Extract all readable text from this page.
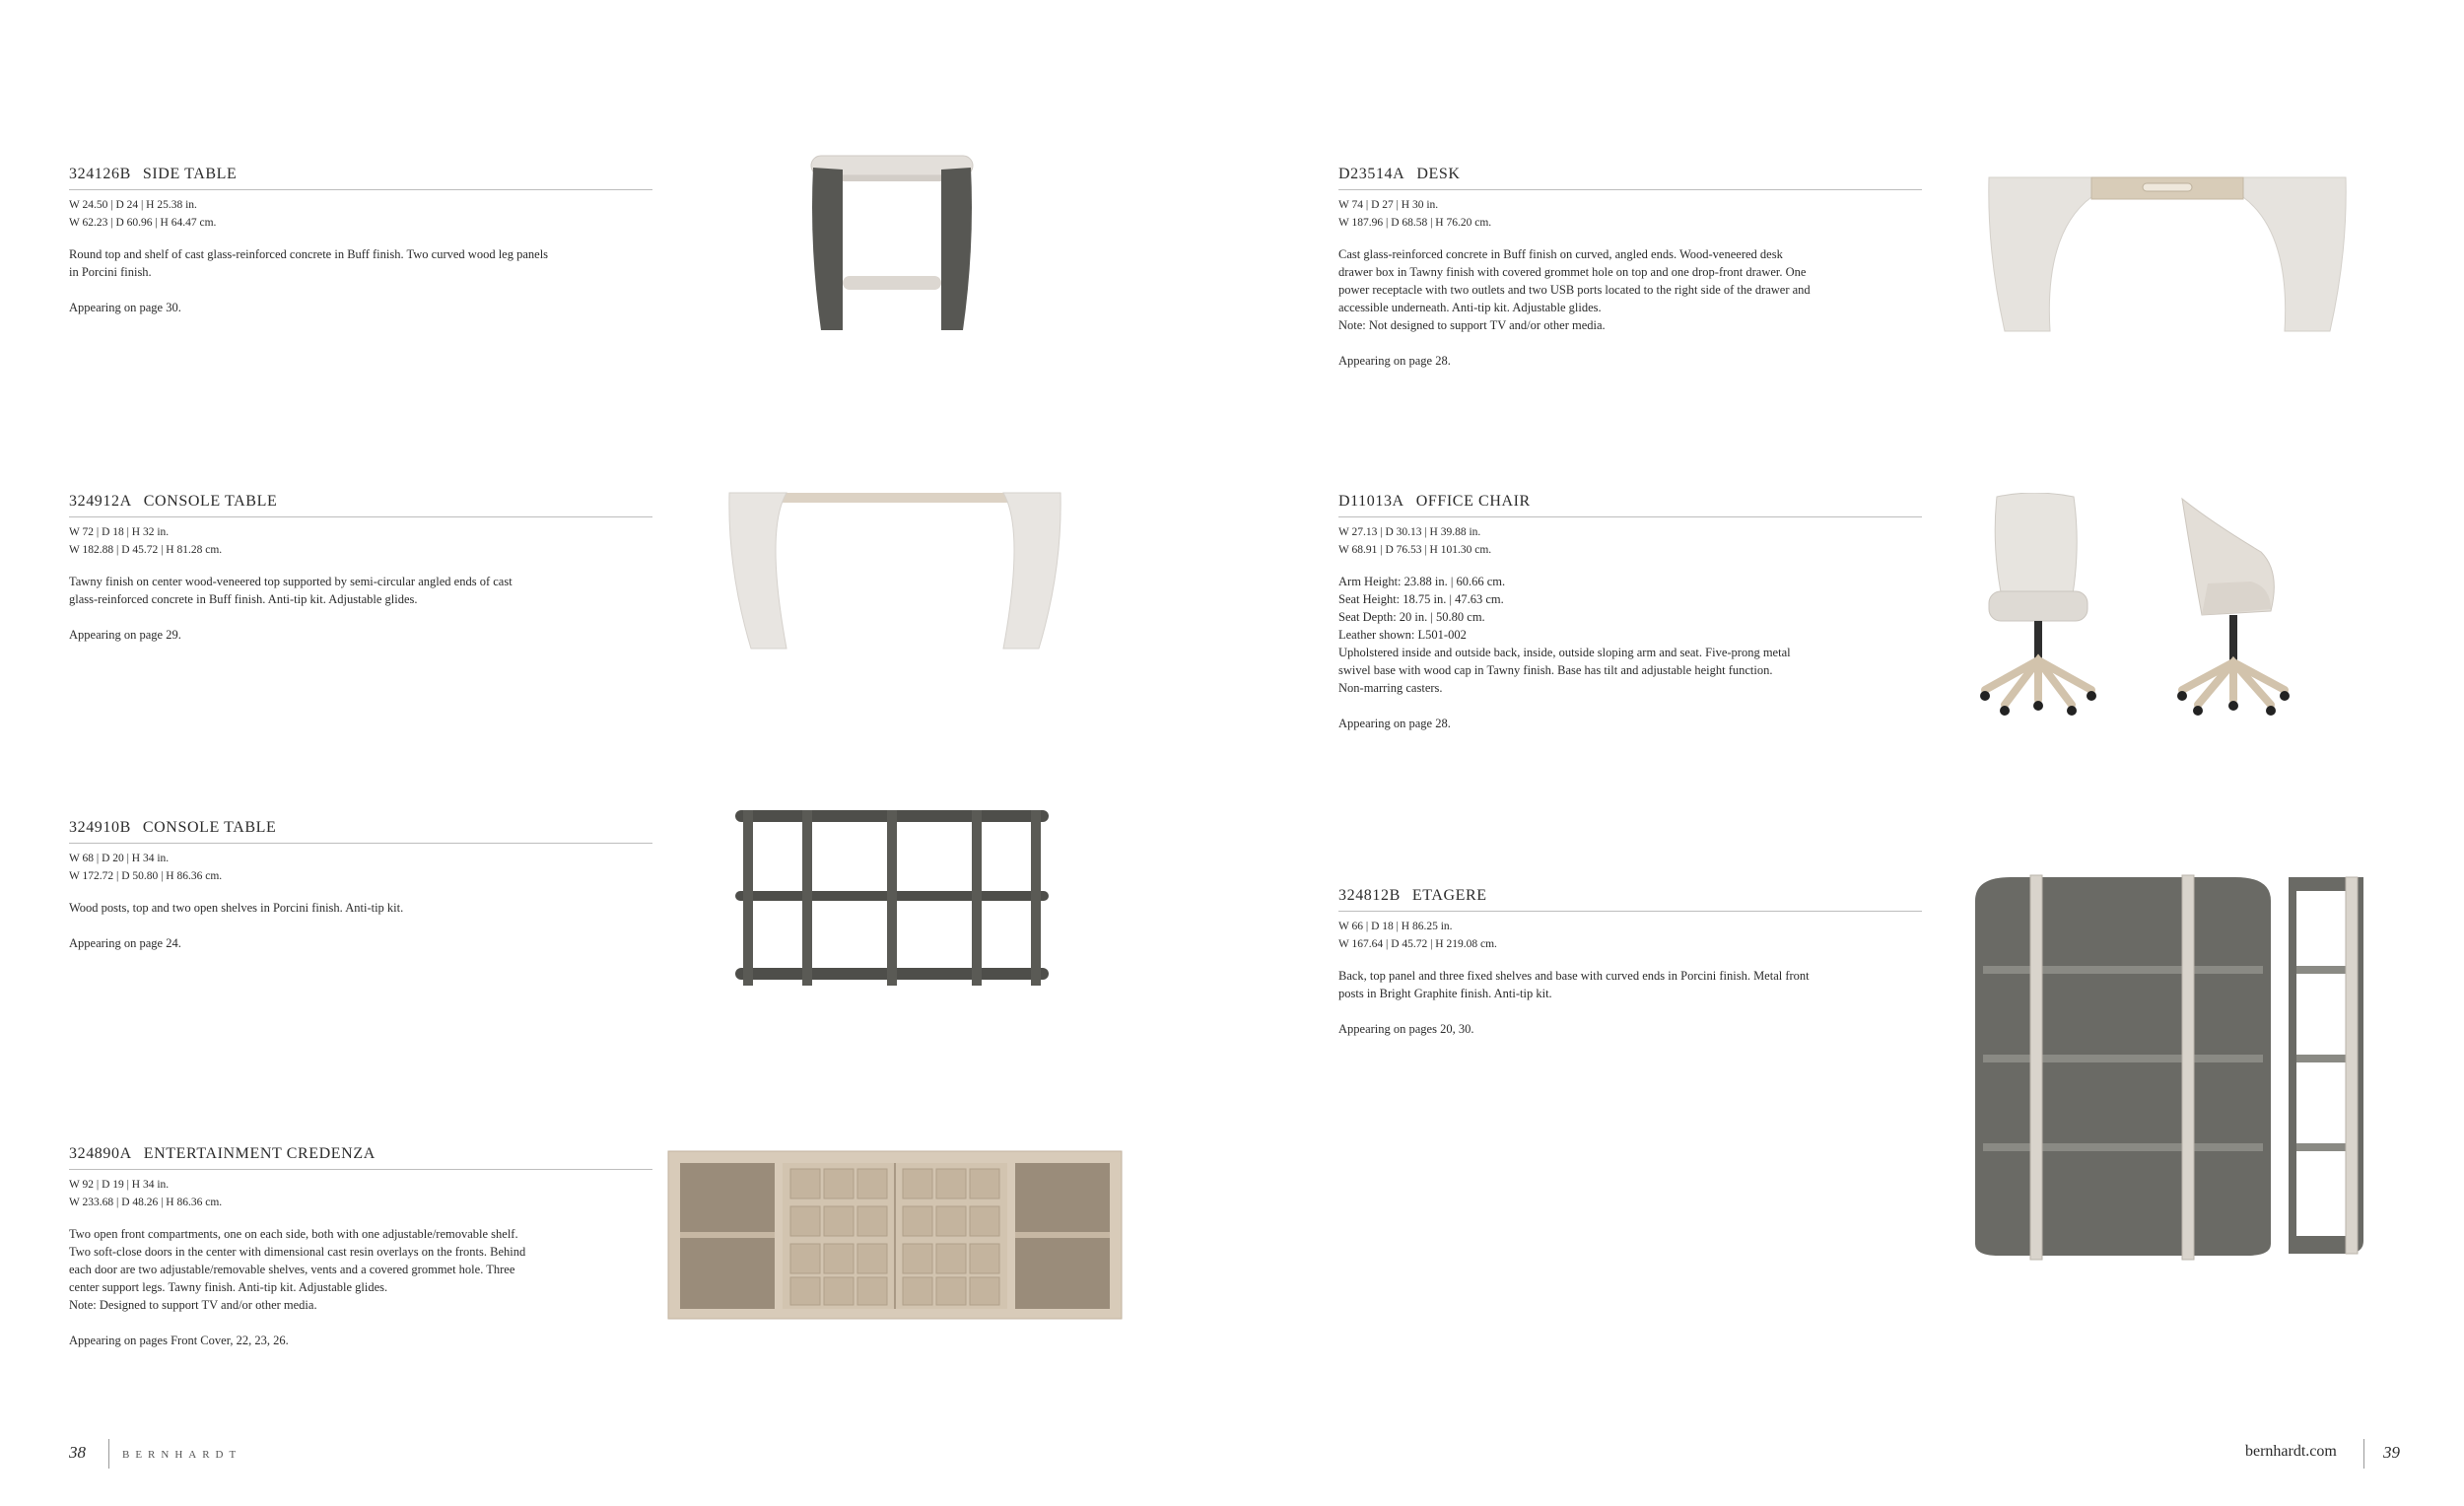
324126B SIDE TABLE
W 24.50 | D 24 | H 25.38 in.
W 62.23 | D 60.96 | H 64.47 cm.
Round top and shelf of cast glass-reinforced concrete in Buff finish. Two curved wood leg panels
in Porcini finish.
Appearing on page 30.
324912A CONSOLE TABLE
W 72 | D 18 | H 32 in.
W 182.88 | D 45.72 | H 81.28 cm.
Tawny finish on center wood-veneered top supported by semi-circular angled ends of cast
glass-reinforced concrete in Buff finish. Anti-tip kit. Adjustable glides.
Appearing on page 29.
324910B CONSOLE TABLE
W 68 | D 20 | H 34 in.
W 172.72 | D 50.80 | H 86.36 cm.
Wood posts, top and two open shelves in Porcini finish. Anti-tip kit.
Appearing on page 24.
324890A ENTERTAINMENT CREDENZA
W 92 | D 19 | H 34 in.
W 233.68 | D 48.26 | H 86.36 cm.
Two open front compartments, one on each side, both with one adjustable/removable shelf.
Two soft-close doors in the center with dimensional cast resin overlays on the fronts. Behind
each door are two adjustable/removable shelves, vents and a covered grommet hole. Three
center support legs. Tawny finish. Anti-tip kit. Adjustable glides.
Note: Designed to support TV and/or other media.
Appearing on pages Front Cover, 22, 23, 26.
D23514A DESK
W 74 | D 27 | H 30 in.
W 187.96 | D 68.58 | H 76.20 cm.
Cast glass-reinforced concrete in Buff finish on curved, angled ends. Wood-veneered desk
drawer box in Tawny finish with covered grommet hole on top and one drop-front drawer. One
power receptacle with two outlets and two USB ports located to the right side of the drawer and
accessible underneath. Anti-tip kit. Adjustable glides.
Note: Not designed to support TV and/or other media.
Appearing on page 28.
D11013A OFFICE CHAIR
W 27.13 | D 30.13 | H 39.88 in.
W 68.91 | D 76.53 | H 101.30 cm.
Arm Height: 23.88 in. | 60.66 cm.
Seat Height: 18.75 in. | 47.63 cm.
Seat Depth: 20 in. | 50.80 cm.
Leather shown: L501-002
Upholstered inside and outside back, inside, outside sloping arm and seat. Five-prong metal
swivel base with wood cap in Tawny finish. Base has tilt and adjustable height function.
Non-marring casters.
Appearing on page 28.
324812B ETAGERE
W 66 | D 18 | H 86.25 in.
W 167.64 | D 45.72 | H 219.08 cm.
Back, top panel and three fixed shelves and base with curved ends in Porcini finish. Metal front
posts in Bright Graphite finish. Anti-tip kit.
Appearing on pages 20, 30.
38	BERNHARDT	bernhardt.com	39
